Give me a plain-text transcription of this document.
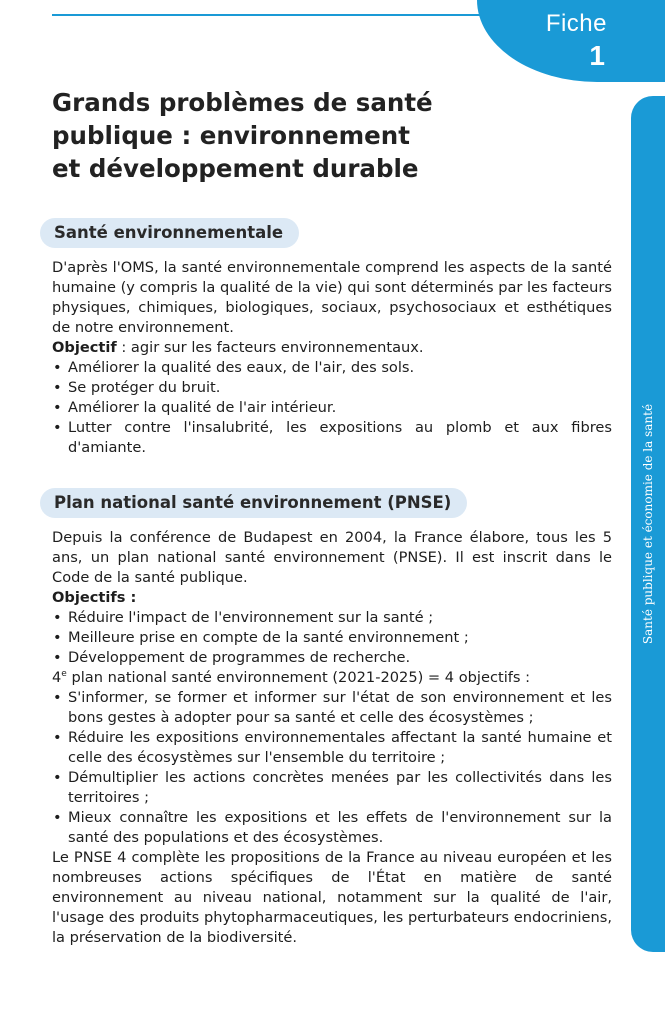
Fiche
1
Santé publique et économie de la santé
Grands problèmes de santé
publique : environnement
et développement durable
Santé environnementale

D'après l'OMS, la santé environnementale comprend les aspects de la santé humaine (y compris la qualité de la vie) qui sont déterminés par les facteurs physiques, chimiques, biologiques, sociaux, psychosociaux et esthétiques de notre environnement.

Objectif : agir sur les facteurs environnementaux.

• Améliorer la qualité des eaux, de l'air, des sols.
• Se protéger du bruit.
• Améliorer la qualité de l'air intérieur.
• Lutter contre l'insalubrité, les expositions au plomb et aux fibres d'amiante.
Plan national santé environnement (PNSE)

Depuis la conférence de Budapest en 2004, la France élabore, tous les 5 ans, un plan national santé environnement (PNSE). Il est inscrit dans le Code de la santé publique.

Objectifs :

• Réduire l'impact de l'environnement sur la santé ;
• Meilleure prise en compte de la santé environnement ;
• Développement de programmes de recherche.

4e plan national santé environnement (2021-2025) = 4 objectifs :

• S'informer, se former et informer sur l'état de son environnement et les bons gestes à adopter pour sa santé et celle des écosystèmes ;
• Réduire les expositions environnementales affectant la santé humaine et celle des écosystèmes sur l'ensemble du territoire ;
• Démultiplier les actions concrètes menées par les collectivités dans les territoires ;
• Mieux connaître les expositions et les effets de l'environnement sur la santé des populations et des écosystèmes.

Le PNSE 4 complète les propositions de la France au niveau européen et les nombreuses actions spécifiques de l'État en matière de santé environnement au niveau national, notamment sur la qualité de l'air, l'usage des produits phytopharmaceutiques, les perturbateurs endocriniens, la préservation de la biodiversité.
